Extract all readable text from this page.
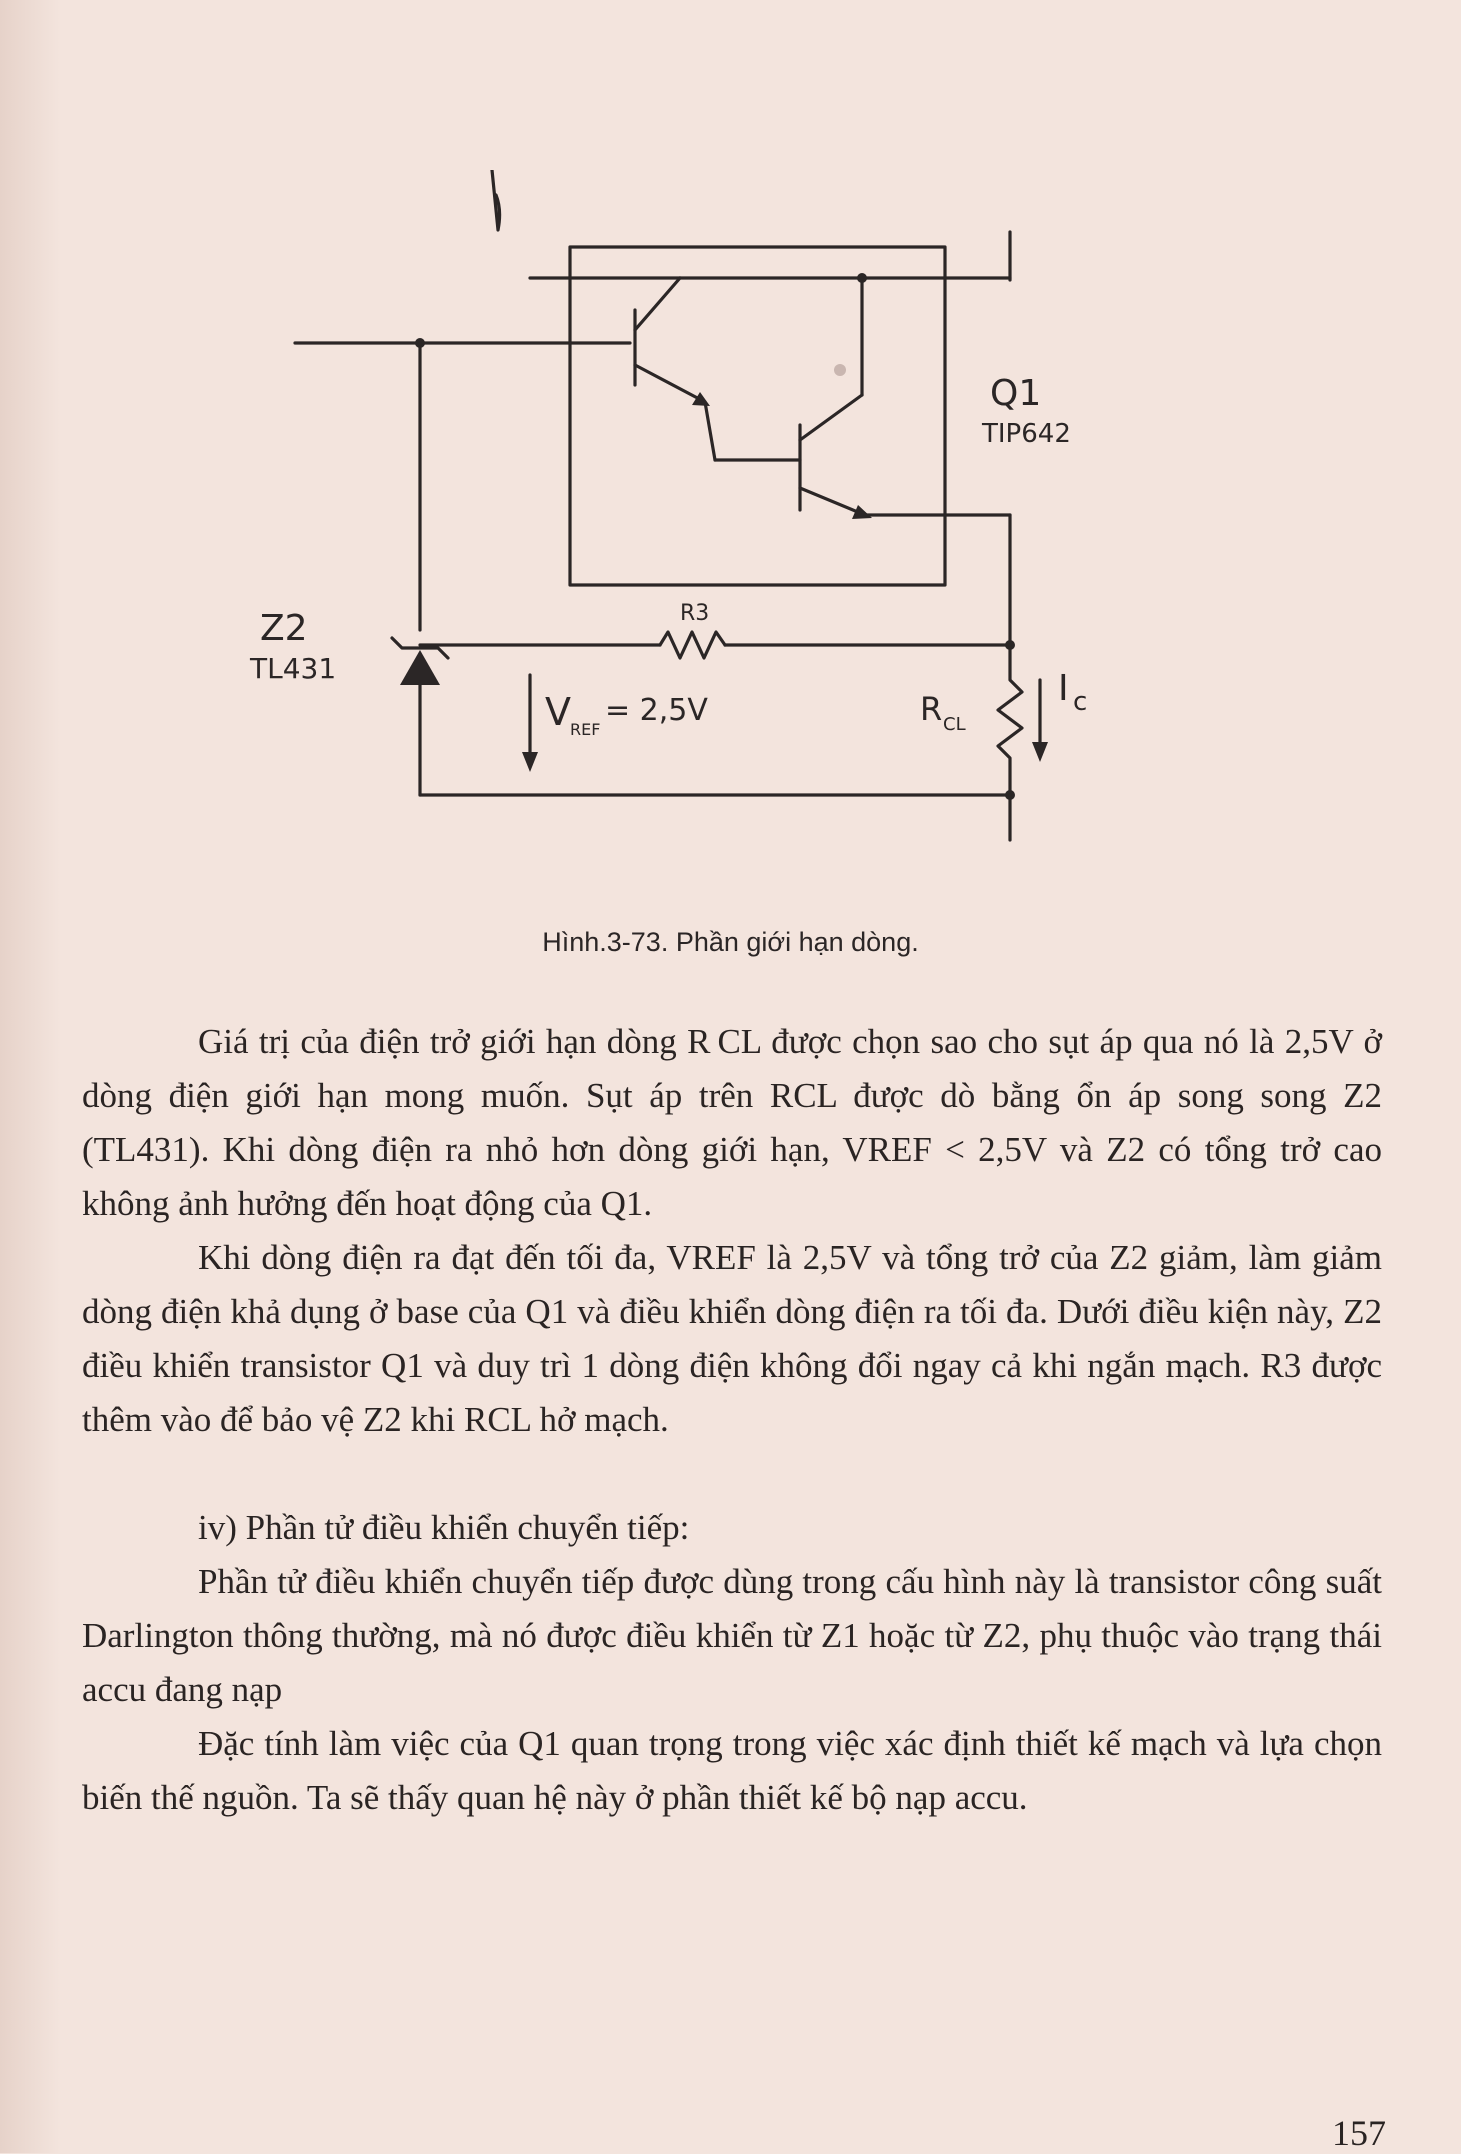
Q1
TIP642
Z2
TL431
R3
V REF
= 2,5V	R CL
I c
Hình.3-73. Phần giới hạn dòng.

Giá trị của điện trở giới hạn dòng R CL được chọn sao cho sụt áp qua nó là 2,5V ở dòng điện giới hạn mong muốn. Sụt áp trên RCL được dò bằng ổn áp song song Z2 (TL431). Khi dòng điện ra nhỏ hơn dòng giới hạn, VREF < 2,5V và Z2 có tổng trở cao không ảnh hưởng đến hoạt động của Q1.

Khi dòng điện ra đạt đến tối đa, VREF là 2,5V và tổng trở của Z2 giảm, làm giảm dòng điện khả dụng ở base của Q1 và điều khiển dòng điện ra tối đa. Dưới điều kiện này, Z2 điều khiển transistor Q1 và duy trì 1 dòng điện không đổi ngay cả khi ngắn mạch. R3 được thêm vào để bảo vệ Z2 khi RCL hở mạch.

iv) Phần tử điều khiển chuyển tiếp:

Phần tử điều khiển chuyển tiếp được dùng trong cấu hình này là transistor công suất Darlington thông thường, mà nó được điều khiển từ Z1 hoặc từ Z2, phụ thuộc vào trạng thái accu đang nạp

Đặc tính làm việc của Q1 quan trọng trong việc xác định thiết kế mạch và lựa chọn biến thế nguồn. Ta sẽ thấy quan hệ này ở phần thiết kế bộ nạp accu.

157
